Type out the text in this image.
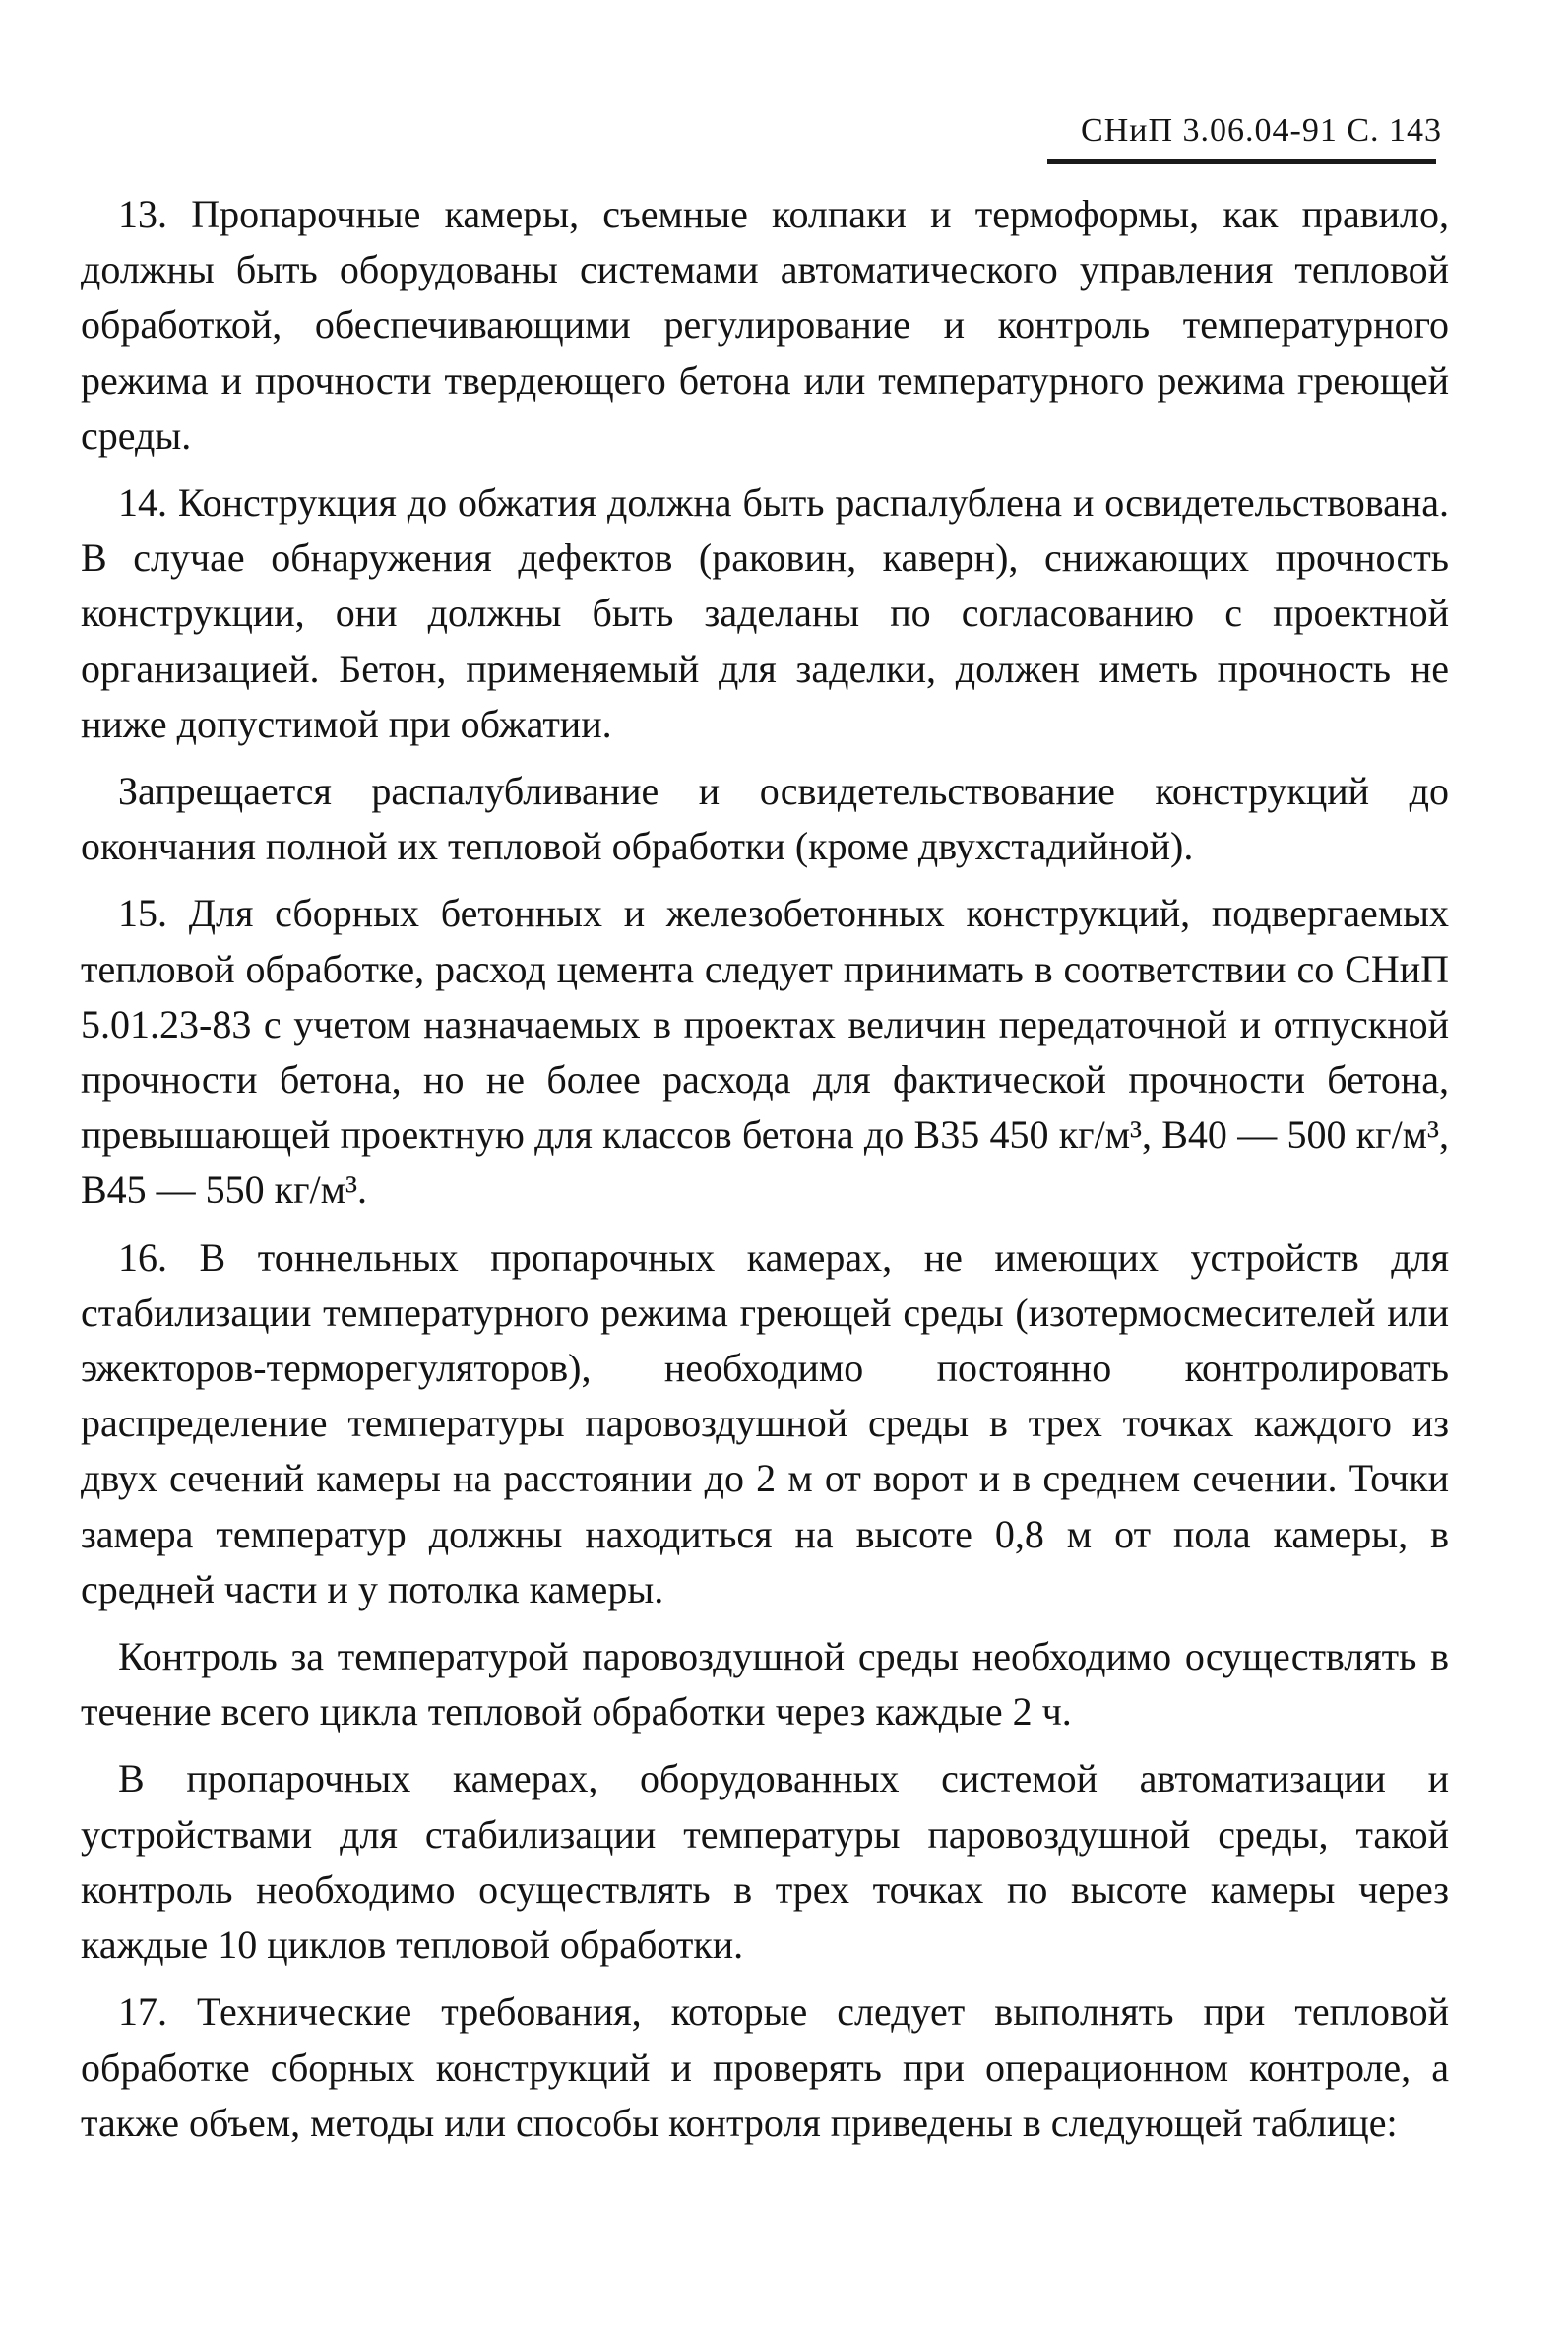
СНиП 3.06.04-91 С. 143

13. Пропарочные камеры, съемные колпаки и термоформы, как правило, должны быть оборудованы системами автоматического управления тепловой обработкой, обеспечивающими регулирование и контроль температурного режима и прочности твердеющего бетона или температурного режима греющей среды.

14. Конструкция до обжатия должна быть распалублена и освидетельствована. В случае обнаружения дефектов (раковин, каверн), снижающих прочность конструкции, они должны быть заделаны по согласованию с проектной организацией. Бетон, применяемый для заделки, должен иметь прочность не ниже допустимой при обжатии.

Запрещается распалубливание и освидетельствование конструкций до окончания полной их тепловой обработки (кроме двухстадийной).

15. Для сборных бетонных и железобетонных конструкций, подвергаемых тепловой обработке, расход цемента следует принимать в соответствии со СНиП 5.01.23-83 с учетом назначаемых в проектах величин передаточной и отпускной прочности бетона, но не более расхода для фактической прочности бетона, превышающей проектную для классов бетона до В35 450 кг/м³, В40 — 500 кг/м³, В45 — 550 кг/м³.

16. В тоннельных пропарочных камерах, не имеющих устройств для стабилизации температурного режима греющей среды (изотермосмесителей или эжекторов-терморегуляторов), необходимо постоянно контролировать распределение температуры паровоздушной среды в трех точках каждого из двух сечений камеры на расстоянии до 2 м от ворот и в среднем сечении. Точки замера температур должны находиться на высоте 0,8 м от пола камеры, в средней части и у потолка камеры.

Контроль за температурой паровоздушной среды необходимо осуществлять в течение всего цикла тепловой обработки через каждые 2 ч.

В пропарочных камерах, оборудованных системой автоматизации и устройствами для стабилизации температуры паровоздушной среды, такой контроль необходимо осуществлять в трех точках по высоте камеры через каждые 10 циклов тепловой обработки.

17. Технические требования, которые следует выполнять при тепловой обработке сборных конструкций и проверять при операционном контроле, а также объем, методы или способы контроля приведены в следующей таблице:
